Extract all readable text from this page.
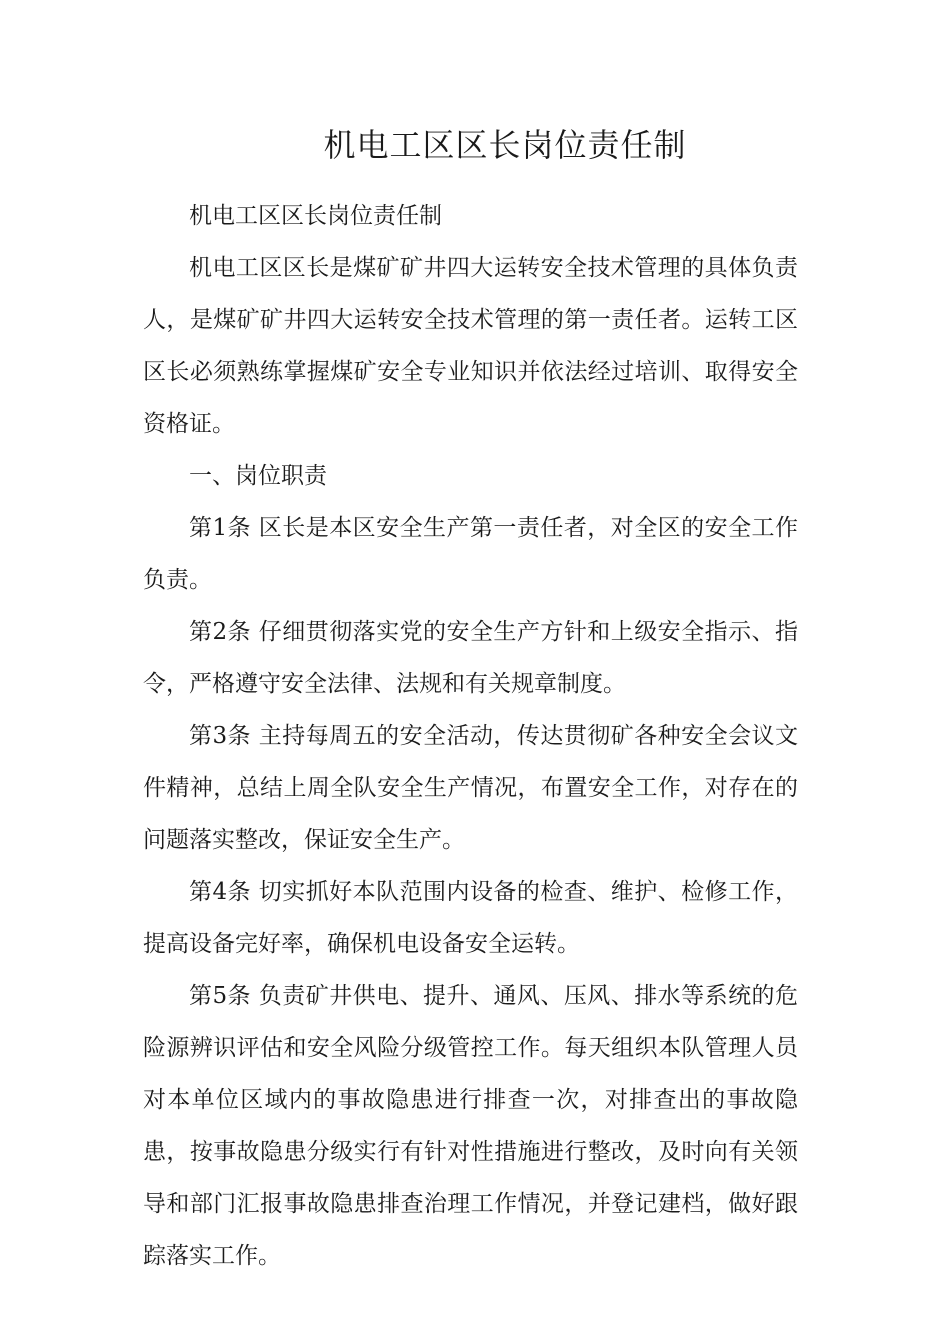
机电工区区长岗位责任制

机电工区区长岗位责任制

机电工区区长是煤矿矿井四大运转安全技术管理的具体负责人，是煤矿矿井四大运转安全技术管理的第一责任者。运转工区区长必须熟练掌握煤矿安全专业知识并依法经过培训、取得安全资格证。

一、岗位职责

第1条 区长是本区安全生产第一责任者，对全区的安全工作负责。

第2条 仔细贯彻落实党的安全生产方针和上级安全指示、指令，严格遵守安全法律、法规和有关规章制度。

第3条 主持每周五的安全活动，传达贯彻矿各种安全会议文件精神，总结上周全队安全生产情况，布置安全工作，对存在的问题落实整改，保证安全生产。

第4条 切实抓好本队范围内设备的检查、维护、检修工作，提高设备完好率，确保机电设备安全运转。

第5条 负责矿井供电、提升、通风、压风、排水等系统的危险源辨识评估和安全风险分级管控工作。每天组织本队管理人员对本单位区域内的事故隐患进行排查一次，对排查出的事故隐患，按事故隐患分级实行有针对性措施进行整改，及时向有关领导和部门汇报事故隐患排查治理工作情况，并登记建档，做好跟踪落实工作。
